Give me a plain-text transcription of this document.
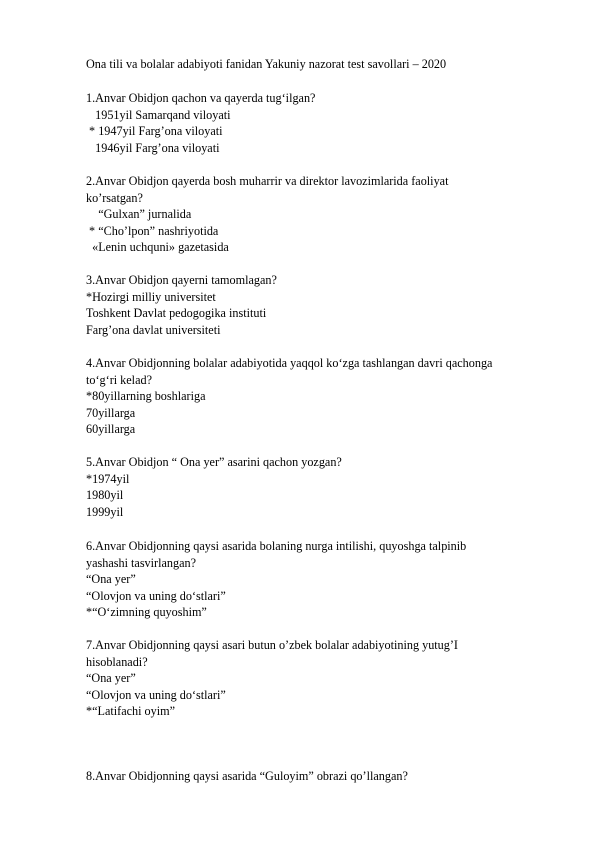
Ona tili va bolalar adabiyoti fanidan Yakuniy nazorat test savollari – 2020
1.Anvar Obidjon qachon va qayerda tug‘ilgan?
1951yil Samarqand viloyati
* 1947yil Farg’ona viloyati
1946yil Farg’ona viloyati
2.Anvar Obidjon qayerda bosh muharrir va direktor lavozimlarida faoliyat
ko’rsatgan?
“Gulxan” jurnalida
* “Cho’lpon” nashriyotida
«Lenin uchquni» gazetasida
3.Anvar Obidjon qayerni tamomlagan?
*Hozirgi milliy universitet
Toshkent Davlat pedogogika instituti
Farg’ona davlat universiteti
4.Anvar Obidjonning bolalar adabiyotida yaqqol ko‘zga tashlangan davri qachonga
to‘g‘ri kelad?
*80yillarning boshlariga
70yillarga
60yillarga
5.Anvar Obidjon “ Ona yer” asarini qachon yozgan?
*1974yil
1980yil
1999yil
6.Anvar Obidjonning qaysi asarida bolaning nurga intilishi, quyoshga talpinib
yashashi tasvirlangan?
“Ona yer”
“Olovjon va uning do‘stlari”
*“O‘zimning quyoshim”
7.Anvar Obidjonning qaysi asari butun o’zbek bolalar adabiyotining yutug’I
hisoblanadi?
“Ona yer”
“Olovjon va uning do‘stlari”
*“Latifachi oyim”
8.Anvar Obidjonning qaysi asarida “Guloyim” obrazi qo’llangan?
